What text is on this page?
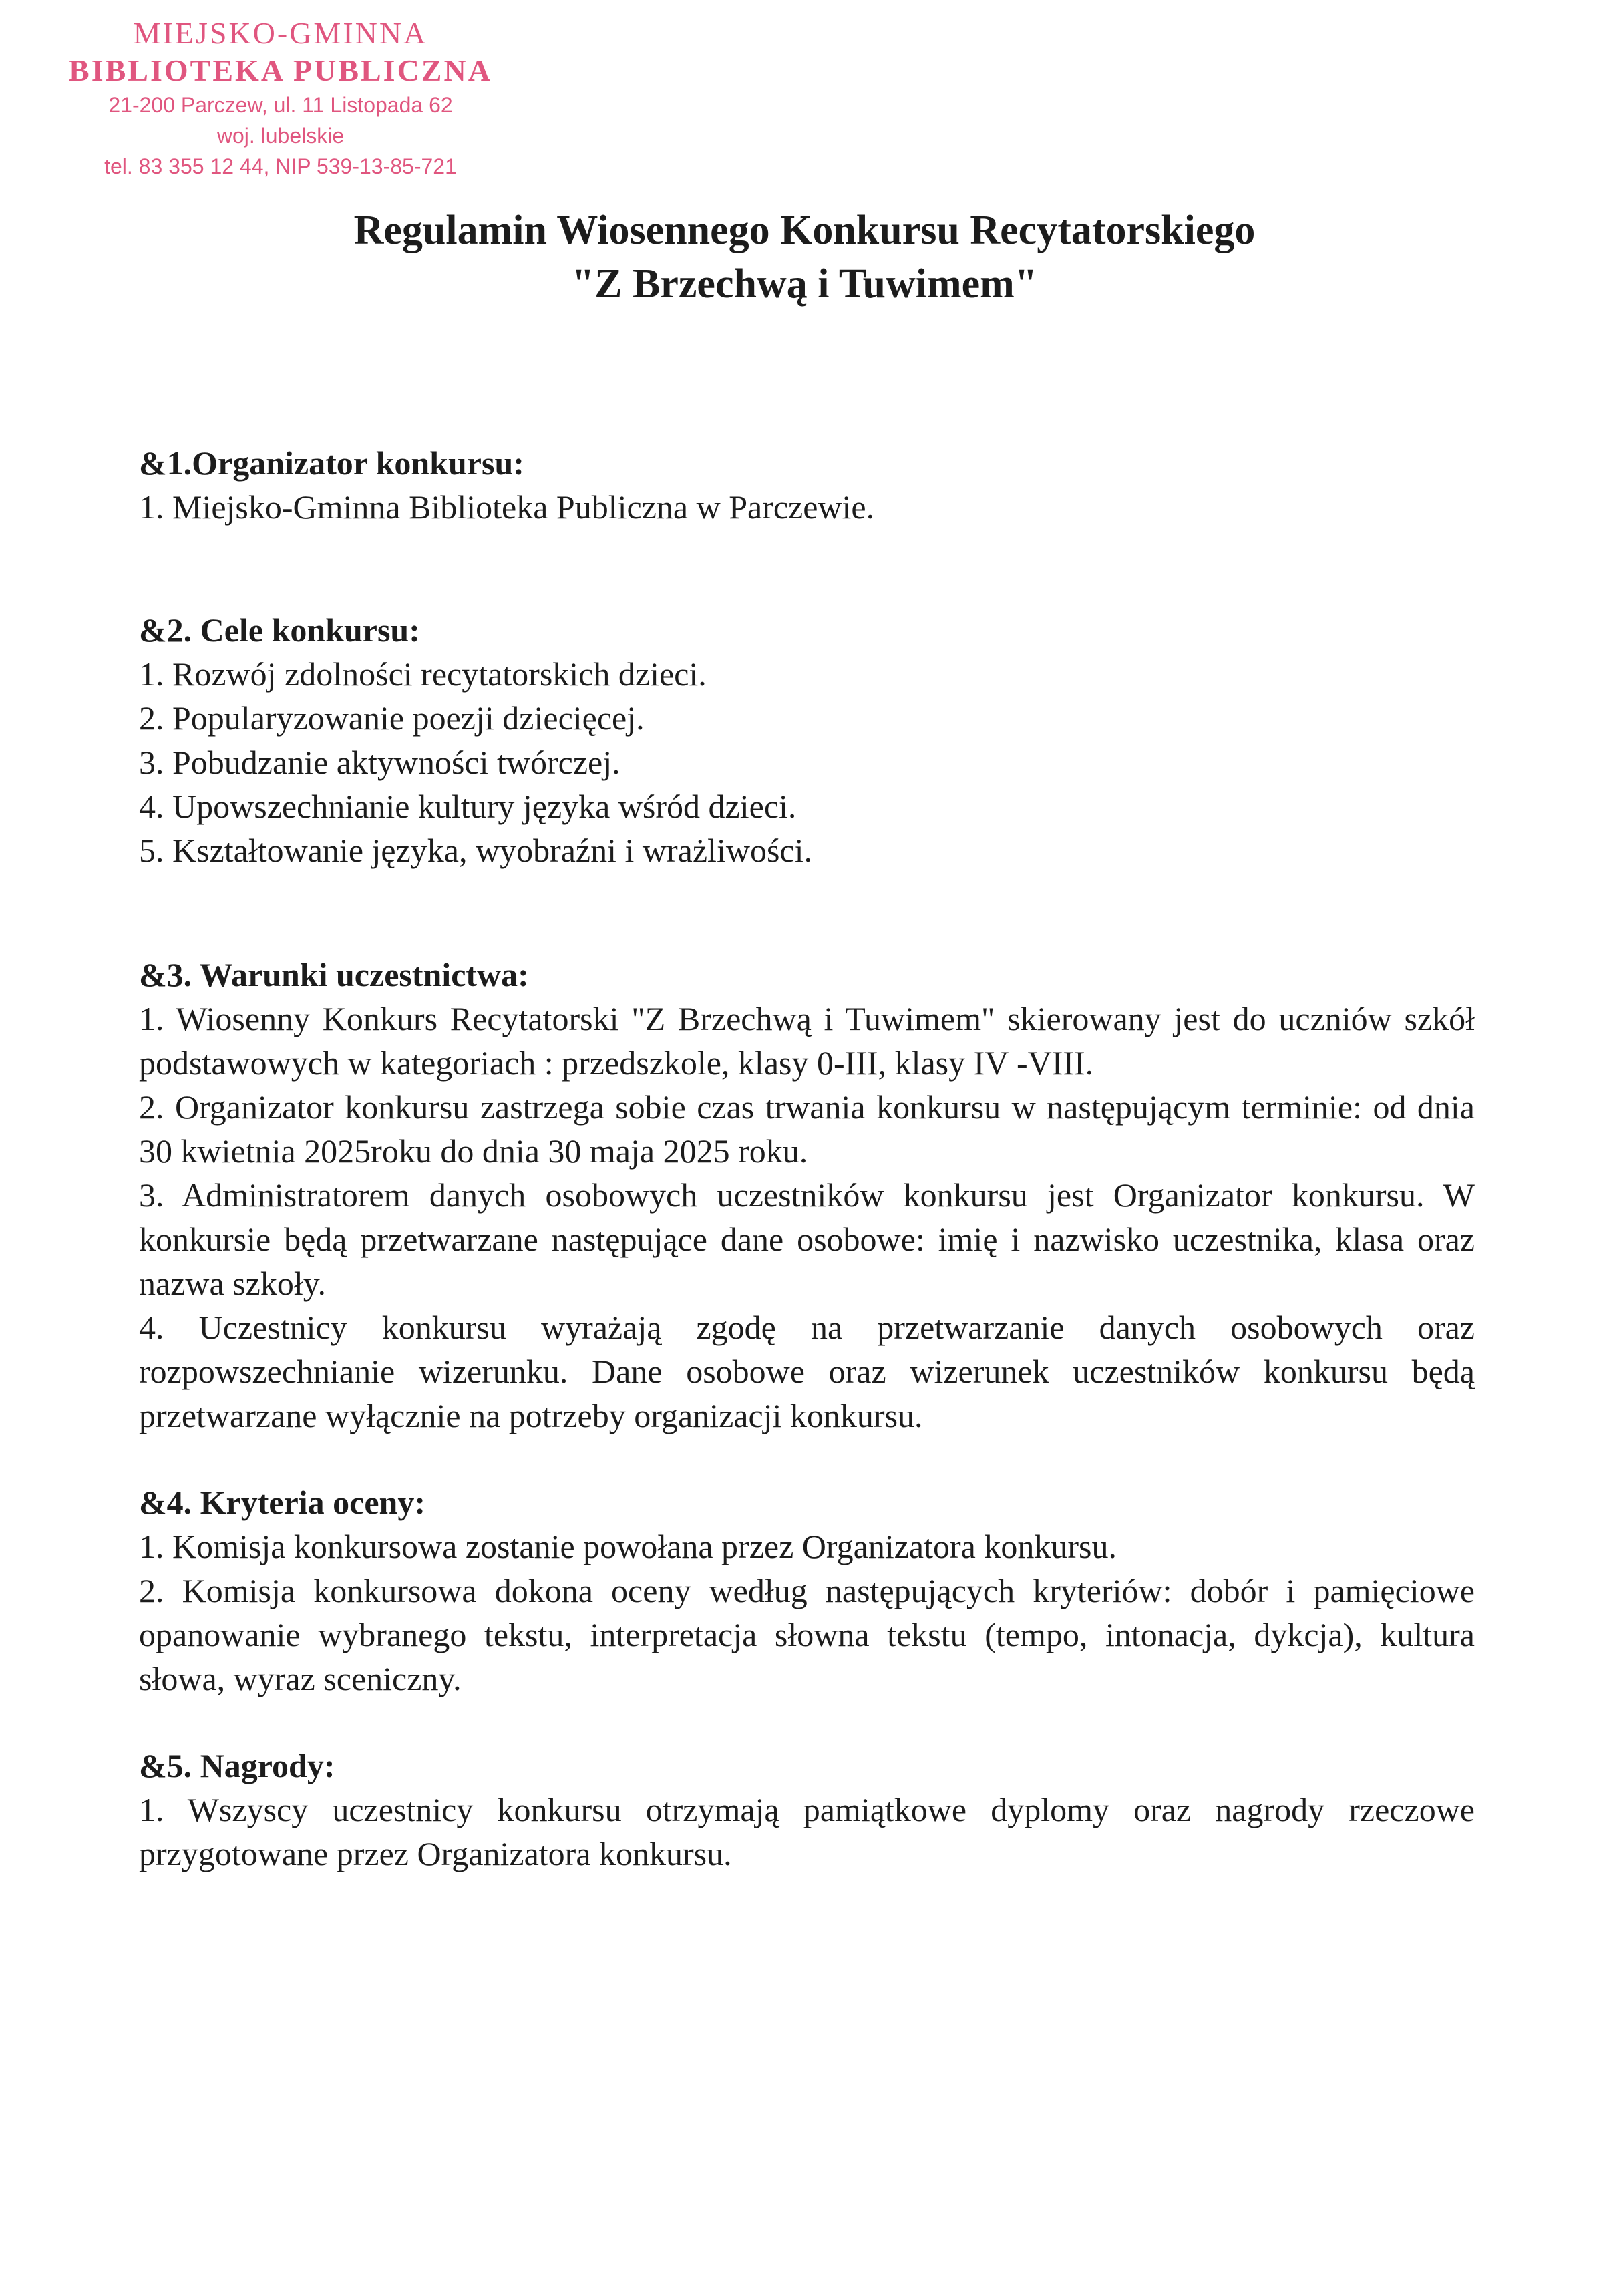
MIEJSKO-GMINNA

BIBLIOTEKA PUBLICZNA

21-200 Parczew, ul. 11 Listopada 62

woj. lubelskie

tel. 83 355 12 44, NIP 539-13-85-721

Regulamin Wiosennego Konkursu Recytatorskiego
"Z Brzechwą i Tuwimem"
&1.Organizator konkursu:

1. Miejsko-Gminna Biblioteka Publiczna w Parczewie.

&2. Cele konkursu:

1. Rozwój zdolności recytatorskich dzieci.

2. Popularyzowanie poezji dziecięcej.

3. Pobudzanie aktywności twórczej.

4. Upowszechnianie kultury języka wśród dzieci.

5. Kształtowanie języka, wyobraźni i wrażliwości.

&3. Warunki uczestnictwa:

1. Wiosenny Konkurs Recytatorski "Z Brzechwą i Tuwimem" skierowany jest do uczniów szkół podstawowych w kategoriach : przedszkole, klasy 0-III, klasy IV -VIII.

2. Organizator konkursu zastrzega sobie czas trwania konkursu w następującym terminie: od dnia 30 kwietnia 2025roku do dnia 30 maja 2025 roku.

3. Administratorem danych osobowych uczestników konkursu jest Organizator konkursu. W konkursie będą przetwarzane następujące dane osobowe: imię i nazwisko uczestnika, klasa oraz nazwa szkoły.

4. Uczestnicy konkursu wyrażają zgodę na przetwarzanie danych osobowych oraz rozpowszechnianie wizerunku. Dane osobowe oraz wizerunek uczestników konkursu będą przetwarzane wyłącznie na potrzeby organizacji konkursu.

&4. Kryteria oceny:

1. Komisja konkursowa zostanie powołana przez Organizatora konkursu.

2. Komisja konkursowa dokona oceny według następujących kryteriów: dobór i pamięciowe opanowanie wybranego tekstu, interpretacja słowna tekstu (tempo, intonacja, dykcja), kultura słowa, wyraz sceniczny.

&5. Nagrody:

1. Wszyscy uczestnicy konkursu otrzymają pamiątkowe dyplomy oraz nagrody rzeczowe przygotowane przez Organizatora konkursu.
